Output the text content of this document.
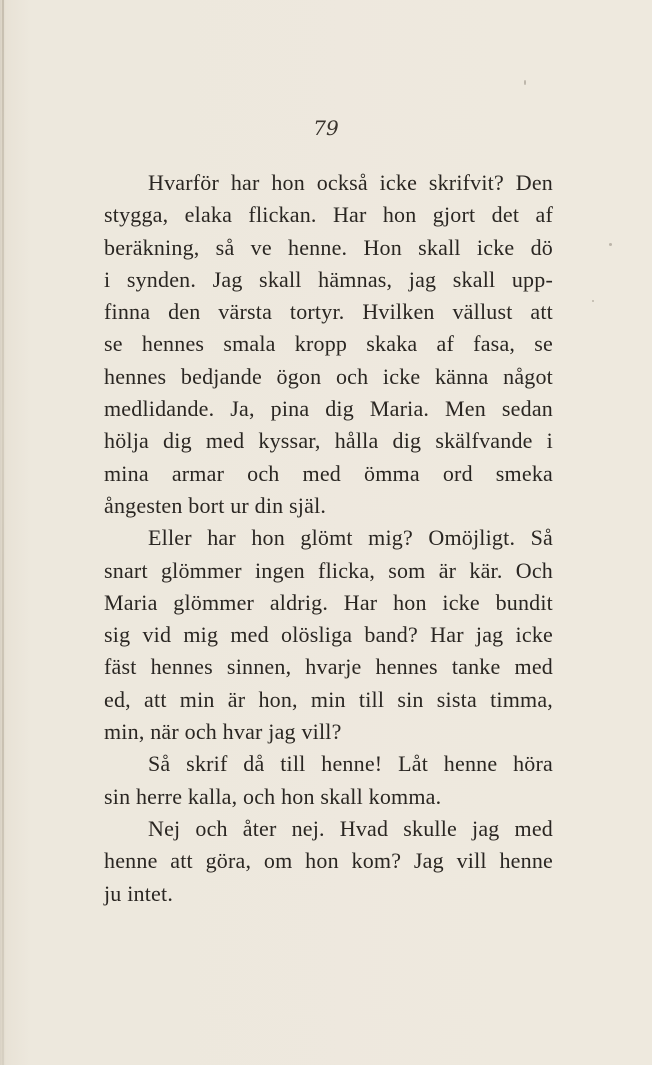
79
Hvarför har hon också icke skrifvit? Den
stygga, elaka flickan. Har hon gjort det af
beräkning, så ve henne. Hon skall icke dö
i synden. Jag skall hämnas, jag skall upp-
finna den värsta tortyr. Hvilken vällust att
se hennes smala kropp skaka af fasa, se
hennes bedjande ögon och icke känna något
medlidande. Ja, pina dig Maria. Men sedan
hölja dig med kyssar, hålla dig skälfvande i
mina armar och med ömma ord smeka
ångesten bort ur din själ.
Eller har hon glömt mig? Omöjligt. Så
snart glömmer ingen flicka, som är kär. Och
Maria glömmer aldrig. Har hon icke bundit
sig vid mig med olösliga band? Har jag icke
fäst hennes sinnen, hvarje hennes tanke med
ed, att min är hon, min till sin sista timma,
min, när och hvar jag vill?
Så skrif då till henne! Låt henne höra
sin herre kalla, och hon skall komma.
Nej och åter nej. Hvad skulle jag med
henne att göra, om hon kom? Jag vill henne
ju intet.
